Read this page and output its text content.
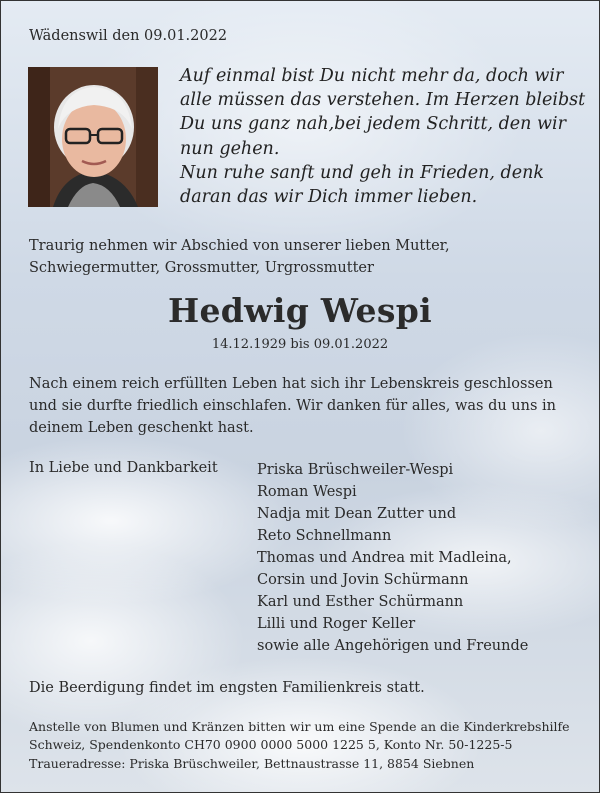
Wädenswil den 09.01.2022
Auf einmal bist Du nicht mehr da, doch wir
alle müssen das verstehen. Im Herzen bleibst
Du uns ganz nah,bei jedem Schritt, den wir
nun gehen.
Nun ruhe sanft und geh in Frieden, denk
daran das wir Dich immer lieben.
Traurig nehmen wir Abschied von unserer lieben Mutter, Schwiegermutter, Grossmutter, Urgrossmutter
Hedwig Wespi
14.12.1929 bis 09.01.2022
Nach einem reich erfüllten Leben hat sich ihr Lebenskreis geschlossen und sie durfte friedlich einschlafen. Wir danken für alles, was du uns in deinem Leben geschenkt hast.
In Liebe und Dankbarkeit	Priska Brüschweiler-Wespi
Roman Wespi
Nadja mit Dean Zutter und
Reto Schnellmann
Thomas und Andrea mit Madleina,
Corsin und Jovin Schürmann
Karl und Esther Schürmann
Lilli und Roger Keller
sowie alle Angehörigen und Freunde
Die Beerdigung findet im engsten Familienkreis statt.
Anstelle von Blumen und Kränzen bitten wir um eine Spende an die Kinderkrebshilfe
Schweiz, Spendenkonto CH70 0900 0000 5000 1225 5, Konto Nr. 50-1225-5
Traueradresse: Priska Brüschweiler, Bettnaustrasse 11, 8854 Siebnen
